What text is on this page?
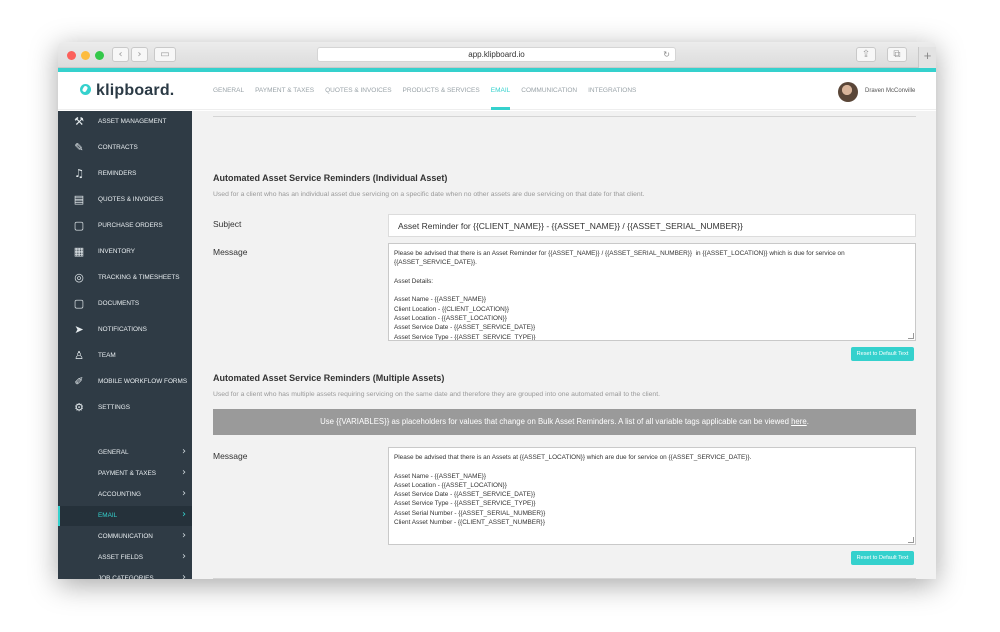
‹	›	▭	app.klipboard.io	↻	⇪	⧉	+
klipboard.	GENERAL PAYMENT & TAXES QUOTES & INVOICES PRODUCTS & SERVICES EMAIL COMMUNICATION INTEGRATIONS	Draven McConville
⚒	ASSET MANAGEMENT
✎	CONTRACTS
♫	REMINDERS
▤ QUOTES & INVOICES
▢ PURCHASE ORDERS
▦ INVENTORY
◎	TRACKING & TIMESHEETS
▢ DOCUMENTS
➤	NOTIFICATIONS
♙	TEAM
✐	MOBILE WORKFLOW FORMS
⚙	SETTINGS
GENERAL	›
PAYMENT & TAXES	›
ACCOUNTING	›
EMAIL	›
COMMUNICATION	›
ASSET FIELDS	›
JOB CATEGORIES	›
Automated Asset Service Reminders (Individual Asset)
Used for a client who has an individual asset due servicing on a specific date when no other assets are due servicing on that date for that client.
Subject	Asset Reminder for {{CLIENT_NAME}} - {{ASSET_NAME}} / {{ASSET_SERIAL_NUMBER}}
Message	Please be advised that there is an Asset Reminder for {{ASSET_NAME}} / {{ASSET_SERIAL_NUMBER}}  in {{ASSET_LOCATION}} which is due for service on
{{ASSET_SERVICE_DATE}}.
Asset Details:
Asset Name - {{ASSET_NAME}}
Client Location - {{CLIENT_LOCATION}}
Asset Location - {{ASSET_LOCATION}}
Asset Service Date - {{ASSET_SERVICE_DATE}}
Asset Service Type - {{ASSET_SERVICE_TYPE}}
Reset to Default Text
Automated Asset Service Reminders (Multiple Assets)
Used for a client who has multiple assets requiring servicing on the same date and therefore they are grouped into one automated email to the client.
Use {{VARIABLES}} as placeholders for values that change on Bulk Asset Reminders. A list of all variable tags applicable can be viewed here.
Message	Please be advised that there is an Assets at {{ASSET_LOCATION}} which are due for service on {{ASSET_SERVICE_DATE}}.
Asset Name - {{ASSET_NAME}}
Asset Location - {{ASSET_LOCATION}}
Asset Service Date - {{ASSET_SERVICE_DATE}}
Asset Service Type - {{ASSET_SERVICE_TYPE}}
Asset Serial Number - {{ASSET_SERIAL_NUMBER}}
Client Asset Number - {{CLIENT_ASSET_NUMBER}}
Reset to Default Text
